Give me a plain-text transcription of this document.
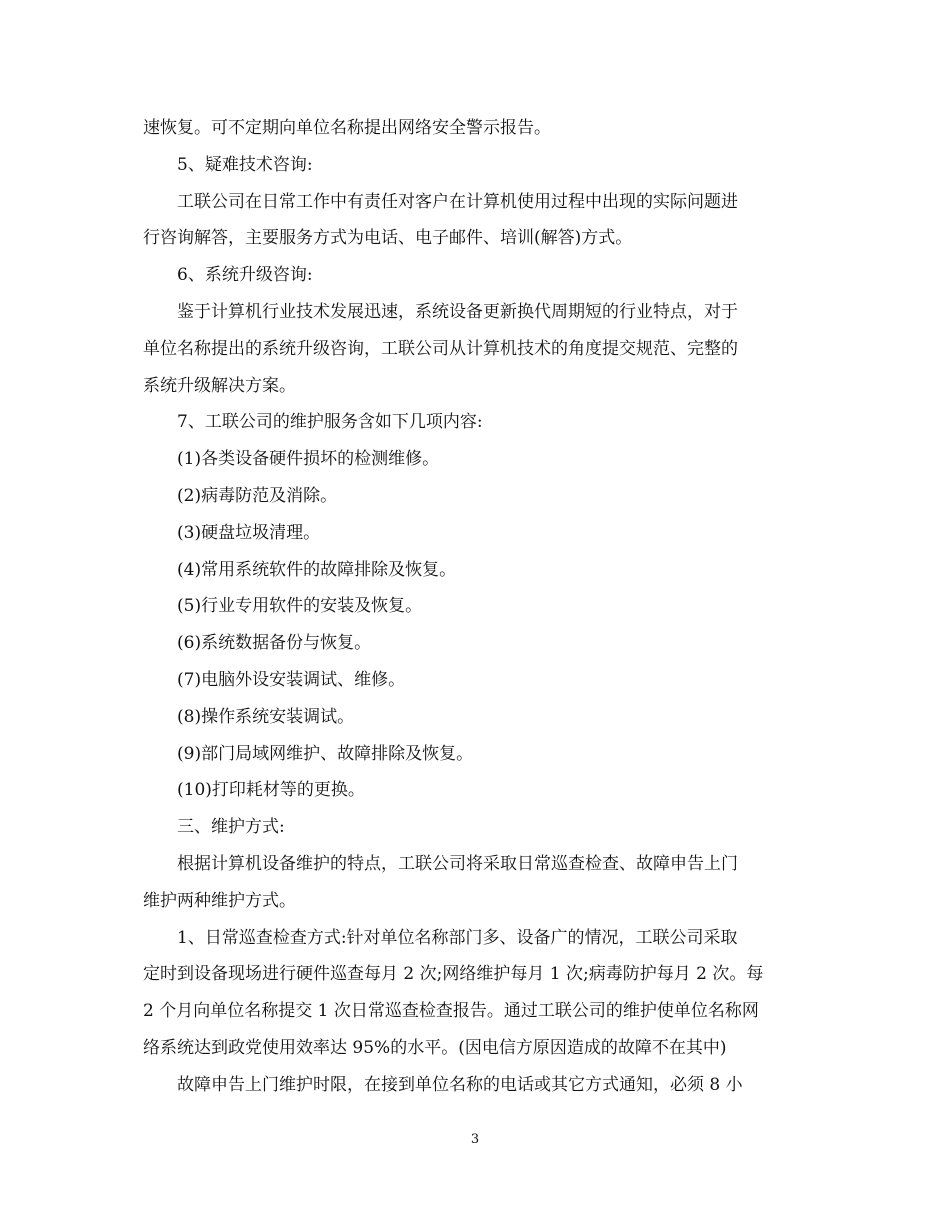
速恢复。可不定期向单位名称提出网络安全警示报告。
5、疑难技术咨询:
工联公司在日常工作中有责任对客户在计算机使用过程中出现的实际问题进
行咨询解答，主要服务方式为电话、电子邮件、培训(解答)方式。
6、系统升级咨询:
鉴于计算机行业技术发展迅速，系统设备更新换代周期短的行业特点，对于
单位名称提出的系统升级咨询，工联公司从计算机技术的角度提交规范、完整的
系统升级解决方案。
7、工联公司的维护服务含如下几项内容:
(1)各类设备硬件损坏的检测维修。
(2)病毒防范及消除。
(3)硬盘垃圾清理。
(4)常用系统软件的故障排除及恢复。
(5)行业专用软件的安装及恢复。
(6)系统数据备份与恢复。
(7)电脑外设安装调试、维修。
(8)操作系统安装调试。
(9)部门局域网维护、故障排除及恢复。
(10)打印耗材等的更换。
三、维护方式:
根据计算机设备维护的特点，工联公司将采取日常巡查检查、故障申告上门
维护两种维护方式。
1、日常巡查检查方式:针对单位名称部门多、设备广的情况，工联公司采取
定时到设备现场进行硬件巡查每月 2 次;网络维护每月 1 次;病毒防护每月 2 次。每
2 个月向单位名称提交 1 次日常巡查检查报告。通过工联公司的维护使单位名称网
络系统达到政党使用效率达 95%的水平。(因电信方原因造成的故障不在其中)
故障申告上门维护时限，在接到单位名称的电话或其它方式通知，必须 8 小
3
